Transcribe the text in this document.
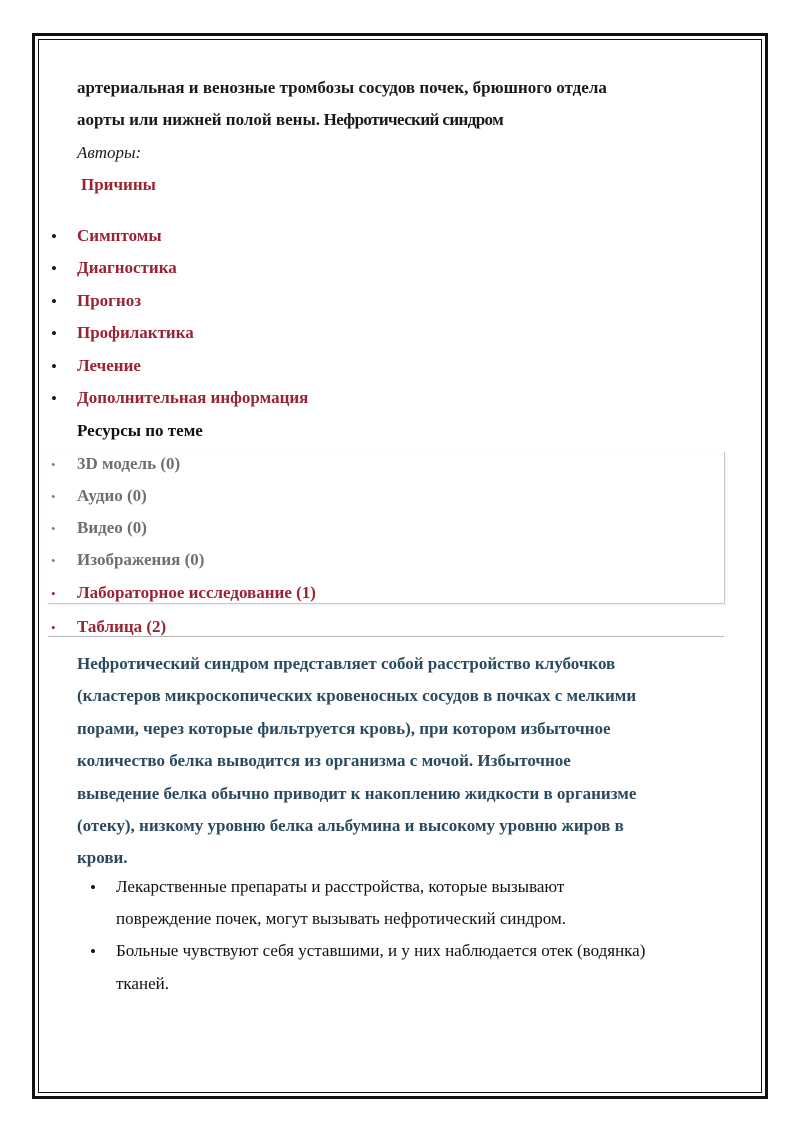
артериальная и венозные тромбозы сосудов почек, брюшного отдела
аорты или нижней полой вены. Нефротический синдром
Авторы:
Причины
• Симптомы
• Диагностика
• Прогноз
• Профилактика
• Лечение
• Дополнительная информация
Ресурсы по теме
• 3D модель (0)
• Аудио (0)
• Видео (0)
• Изображения (0)
• Лабораторное исследование (1)
• Таблица (2)
Нефротический синдром представляет собой расстройство клубочков
(кластеров микроскопических кровеносных сосудов в почках с мелкими
порами, через которые фильтруется кровь), при котором избыточное
количество белка выводится из организма с мочой. Избыточное
выведение белка обычно приводит к накоплению жидкости в организме
(отеку), низкому уровню белка альбумина и высокому уровню жиров в
крови.
• Лекарственные препараты и расстройства, которые вызывают
повреждение почек, могут вызывать нефротический синдром.
• Больные чувствуют себя уставшими, и у них наблюдается отек (водянка)
тканей.
